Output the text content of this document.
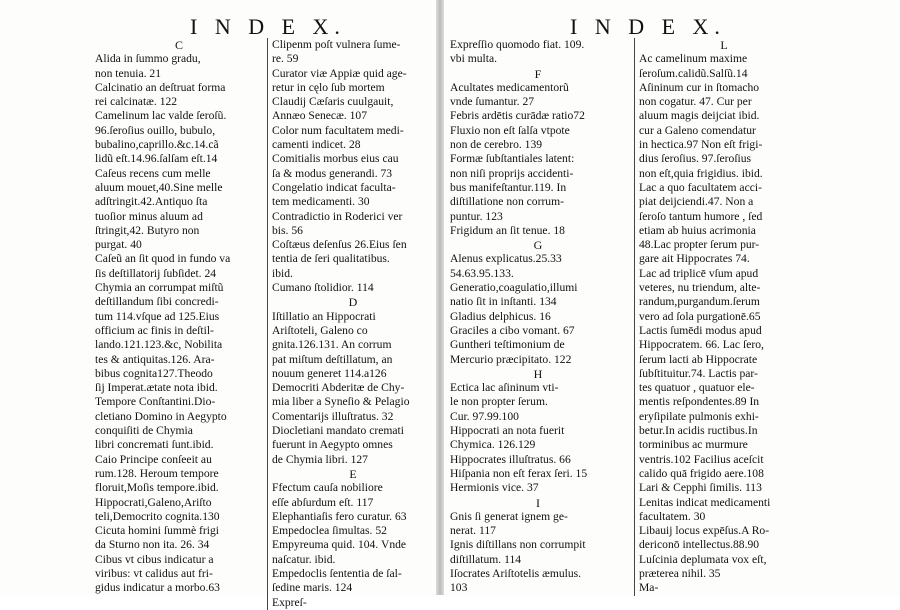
I N D E X.
C
Alida in ſummo gradu,
non tenuia. 21
Calcinatio an deſtruat forma
rei calcinatæ. 122
Camelinum lac valde ſeroſũ.
96.ſeroſius ouillo, bubulo,
bubalino,caprillo.&c.14.cã
lidũ eſt.14.96.ſalſam eſt.14
Caſeus recens cum melle
aluum mouet,40.Sine melle
adſtringit.42.Antiquo ſta
tuoſior minus aluum ad
ſtringit,42. Butyro non
purgat. 40
Caſeũ an ſit quod in fundo va
ſis deſtillatorij ſubſidet. 24
Chymia an corrumpat miſtũ
deſtillandum ſibi concredi-
tum 114.vſque ad 125.Eius
officium ac finis in deſtil-
lando.121.123.&c, Nobilita
tes & antiquitas.126. Ara-
bibus cognita127.Theodo
ſij Imperat.ætate nota ibid.
Tempore Conſtantini.Dio-
cletiano Domino in Aegypto
conquiſiti de Chymia
libri concremati ſunt.ibid.
Caio Principe conſeeit au
rum.128. Heroum tempore
floruit,Moſis tempore.ibid.
Hippocrati,Galeno,Ariſto
teli,Democrito cognita.130
Cicuta homini ſummè frigi
da Sturno non ita. 26. 34
Cibus vt cibus indicatur a
viribus: vt calidus aut fri-
gidus indicatur a morbo.63
Clipenm poſt vulnera ſume-
re. 59
Curator viæ Appiæ quid age-
retur in cęlo ſub mortem
Claudij Cæſaris cuulgauit,
Annæo Senecæ. 107
Color num facultatem medi-
camenti indicet. 28
Comitialis morbus eius cau
ſa & modus generandi. 73
Congelatio indicat faculta-
tem medicamenti. 30
Contradictio in Roderici ver
bis. 56
Coſtæus deſenſus 26.Eius ſen
tentia de ſeri qualitatibus.
ibid.
Cumano ſtolidior. 114
D
Iſtillatio an Hippocrati
Ariſtoteli, Galeno co
gnita.126.131. An corrum
pat miſtum deſtillatum, an
nouum generet 114.a126
Democriti Abderitæ de Chy-
mia liber a Syneſio & Pelagio
Comentarijs illuſtratus. 32
Diocletiani mandato cremati
fuerunt in Aegypto omnes
de Chymia libri. 127
E
Ffectum cauſa nobiliore
eſſe abſurdum eſt. 117
Elephantiaſis fero curatur. 63
Empedoclea ſimultas. 52
Empyreuma quid. 104. Vnde
naſcatur. ibid.
Empedoclis ſententia de ſal-
ſedine maris. 124
Expreſ-
I N D E X.
Expreſſio quomodo fiat. 109.
vbi multa.
F
Acultates medicamentorũ
vnde ſumantur. 27
Febris ardētis curādæ ratio72
Fluxio non eſt ſalſa vtpote
non de cerebro. 139
Formæ ſubſtantiales latent:
non niſi proprijs accidenti-
bus manifeſtantur.119. In
diſtillatione non corrum-
puntur. 123
Frigidum an ſit tenue. 18
G
Alenus explicatus.25.33
54.63.95.133.
Generatio,coagulatio,illumi
natio ſit in inſtanti. 134
Gladius delphicus. 16
Graciles a cibo vomant. 67
Guntheri teſtimonium de
Mercurio præcipitato. 122
H
Ectica lac aſininum vti-
le non propter ſerum.
Cur. 97.99.100
Hippocrati an nota fuerit
Chymica. 126.129
Hippocrates illuſtratus. 66
Hiſpania non eſt ferax ſeri. 15
Hermionis vice. 37
I
Gnis ſi generat ignem ge-
nerat. 117
Ignis diſtillans non corrumpit
diſtillatum. 114
Iſocrates Ariſtotelis æmulus.
103
L
Ac camelinum maxime
ſeroſum.calidũ.Salſũ.14
Aſininum cur in ſtomacho
non cogatur. 47. Cur per
aluum magis deijciat ibid.
cur a Galeno comendatur
in hectica.97 Non eſt frigi-
dius ſeroſius. 97.ſeroſius
non eſt,quia frigidius. ibid.
Lac a quo facultatem acci-
piat deijciendi.47. Non a
ſeroſo tantum humore , ſed
etiam ab huius acrimonia
48.Lac propter ſerum pur-
gare ait Hippocrates 74.
Lac ad triplicē vſum apud
veteres, nu triendum, alte-
randum,purgandum.ſerum
vero ad ſola purgationē.65
Lactis ſumēdi modus apud
Hippocratem. 66. Lac ſero,
ſerum lacti ab Hippocrate
ſubſtituitur.74. Lactis par-
tes quatuor , quatuor ele-
mentis reſpondentes.89 In
eryſipilate pulmonis exhi-
betur.In acidis ructibus.In
torminibus ac murmure
ventris.102 Facilius aceſcit
calido quā frigido aere.108
Lari & Cepphi ſimilis. 113
Lenitas indicat medicamenti
facultatem. 30
Libauij locus expēſus.A Ro-
dericonō intellectus.88.90
Luſcinia deplumata vox eſt,
præterea nihil. 35
Ma-
